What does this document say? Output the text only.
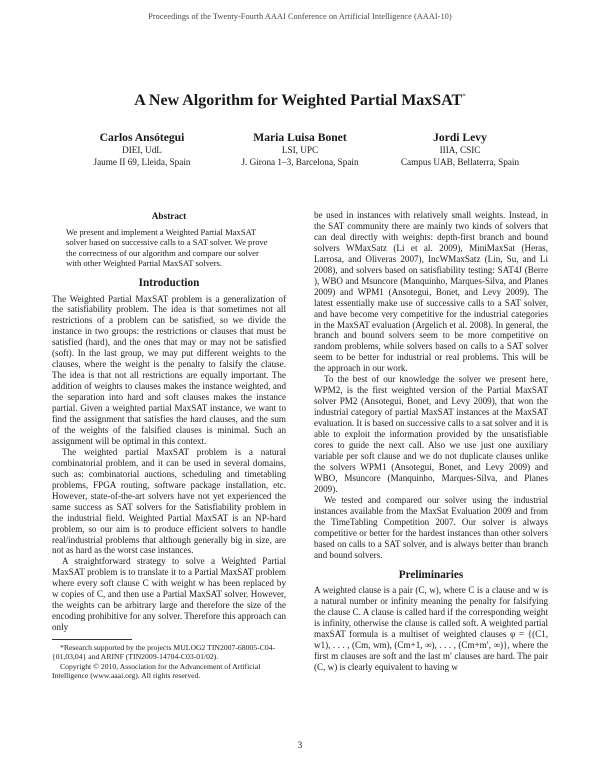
Proceedings of the Twenty-Fourth AAAI Conference on Artificial Intelligence (AAAI-10)
A New Algorithm for Weighted Partial MaxSAT*
Carlos Ansótegui
DIEI, UdL
Jaume II 69, Lleida, Spain
Maria Luisa Bonet
LSI, UPC
J. Girona 1–3, Barcelona, Spain
Jordi Levy
IIIA, CSIC
Campus UAB, Bellaterra, Spain
Abstract

We present and implement a Weighted Partial MaxSAT solver based on successive calls to a SAT solver. We prove the correctness of our algorithm and compare our solver with other Weighted Partial MaxSAT solvers.

Introduction

The Weighted Partial MaxSAT problem is a generalization of the satisfiability problem. The idea is that sometimes not all restrictions of a problem can be satisfied, so we divide the instance in two groups: the restrictions or clauses that must be satisfied (hard), and the ones that may or may not be satisfied (soft). In the last group, we may put different weights to the clauses, where the weight is the penalty to falsify the clause. The idea is that not all restrictions are equally important. The addition of weights to clauses makes the instance weighted, and the separation into hard and soft clauses makes the instance partial. Given a weighted partial MaxSAT instance, we want to find the assignment that satisfies the hard clauses, and the sum of the weights of the falsified clauses is minimal. Such an assignment will be optimal in this context.

The weighted partial MaxSAT problem is a natural combinatorial problem, and it can be used in several domains, such as: combinatorial auctions, scheduling and timetabling problems, FPGA routing, software package installation, etc. However, state-of-the-art solvers have not yet experienced the same success as SAT solvers for the Satisfiability problem in the industrial field. Weighted Partial MaxSAT is an NP-hard problem, so our aim is to produce efficient solvers to handle real/industrial problems that although generally big in size, are not as hard as the worst case instances.

A straightforward strategy to solve a Weighted Partial MaxSAT problem is to translate it to a Partial MaxSAT problem where every soft clause C with weight w has been replaced by w copies of C, and then use a Partial MaxSAT solver. However, the weights can be arbitrary large and therefore the size of the encoding prohibitive for any solver. Therefore this approach can only

*Research supported by the projects MULOG2 TIN2007-68005-C04-{01,03,04} and ARINF (TIN2009-14704-C03-01/02).

Copyright © 2010, Association for the Advancement of Artificial Intelligence (www.aaai.org). All rights reserved.

be used in instances with relatively small weights. Instead, in the SAT community there are mainly two kinds of solvers that can deal directly with weights: depth-first branch and bound solvers WMaxSatz (Li et al. 2009), MiniMaxSat (Heras, Larrosa, and Oliveras 2007), IncWMaxSatz (Lin, Su, and Li 2008), and solvers based on satisfiability testing: SAT4J (Berre ), WBO and Msuncore (Manquinho, Marques-Silva, and Planes 2009) and WPM1 (Ansotegui, Bonet, and Levy 2009). The latest essentially make use of successive calls to a SAT solver, and have become very competitive for the industrial categories in the MaxSAT evaluation (Argelich et al. 2008). In general, the branch and bound solvers seem to be more competitive on random problems, while solvers based on calls to a SAT solver seem to be better for industrial or real problems. This will be the approach in our work.

To the best of our knowledge the solver we present here, WPM2, is the first weighted version of the Partial MaxSAT solver PM2 (Ansotegui, Bonet, and Levy 2009), that won the industrial category of partial MaxSAT instances at the MaxSAT evaluation. It is based on successive calls to a sat solver and it is able to exploit the information provided by the unsatisfiable cores to guide the next call. Also we use just one auxiliary variable per soft clause and we do not duplicate clauses unlike the solvers WPM1 (Ansotegui, Bonet, and Levy 2009) and WBO, Msuncore (Manquinho, Marques-Silva, and Planes 2009).

We tested and compared our solver using the industrial instances available from the MaxSat Evaluation 2009 and from the TimeTabling Competition 2007. Our solver is always competitive or better for the hardest instances than other solvers based on calls to a SAT solver, and is always better than branch and bound solvers.

Preliminaries

A weighted clause is a pair (C, w), where C is a clause and w is a natural number or infinity meaning the penalty for falsifying the clause C. A clause is called hard if the corresponding weight is infinity, otherwise the clause is called soft. A weighted partial maxSAT formula is a multiset of weighted clauses φ = {(C1, w1), . . . , (Cm, wm), (Cm+1, ∞), . . . , (Cm+m′, ∞)}, where the first m clauses are soft and the last m′ clauses are hard. The pair (C, w) is clearly equivalent to having w

3
